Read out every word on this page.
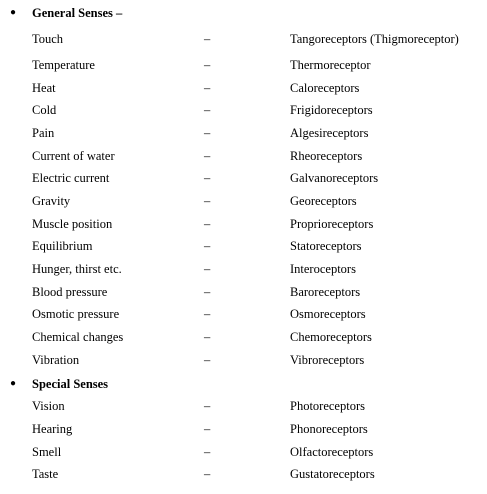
● General Senses –
Touch	–	Tangoreceptors (Thigmoreceptor)
Temperature	–	Thermoreceptor
Heat	–	Caloreceptors
Cold	–	Frigidoreceptors
Pain	–	Algesireceptors
Current of water	–	Rheoreceptors
Electric current	–	Galvanoreceptors
Gravity	–	Georeceptors
Muscle position	–	Proprioreceptors
Equilibrium	–	Statoreceptors
Hunger, thirst etc.	–	Interoceptors
Blood pressure	–	Baroreceptors
Osmotic pressure	–	Osmoreceptors
Chemical changes	–	Chemoreceptors
Vibration	–	Vibroreceptors
● Special Senses
Vision	–	Photoreceptors
Hearing	–	Phonoreceptors
Smell	–	Olfactoreceptors
Taste	–	Gustatoreceptors
